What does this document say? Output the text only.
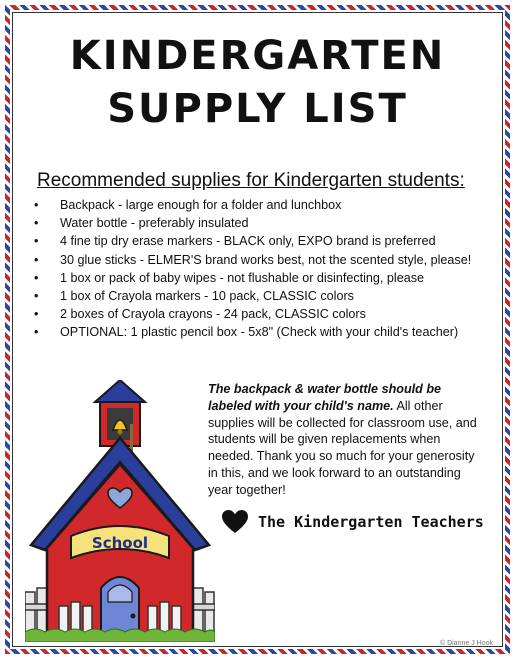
KINDERGARTEN
SUPPLY LIST
Recommended supplies for Kindergarten students:
• Backpack - large enough for a folder and lunchbox
• Water bottle - preferably insulated
• 4 fine tip dry erase markers - BLACK only, EXPO brand is preferred
• 30 glue sticks - ELMER'S brand works best, not the scented style, please!
• 1 box or pack of baby wipes - not flushable or disinfecting, please
• 1 box of Crayola markers - 10 pack, CLASSIC colors
• 2 boxes of Crayola crayons - 24 pack, CLASSIC colors
• OPTIONAL: 1 plastic pencil box - 5x8" (Check with your child's teacher)
The backpack & water bottle should be labeled with your child's name. All other supplies will be collected for classroom use, and students will be given replacements when needed. Thank you so much for your generosity in this, and we look forward to an outstanding year together!
The Kindergarten Teachers
School
© Dianne J Hook
